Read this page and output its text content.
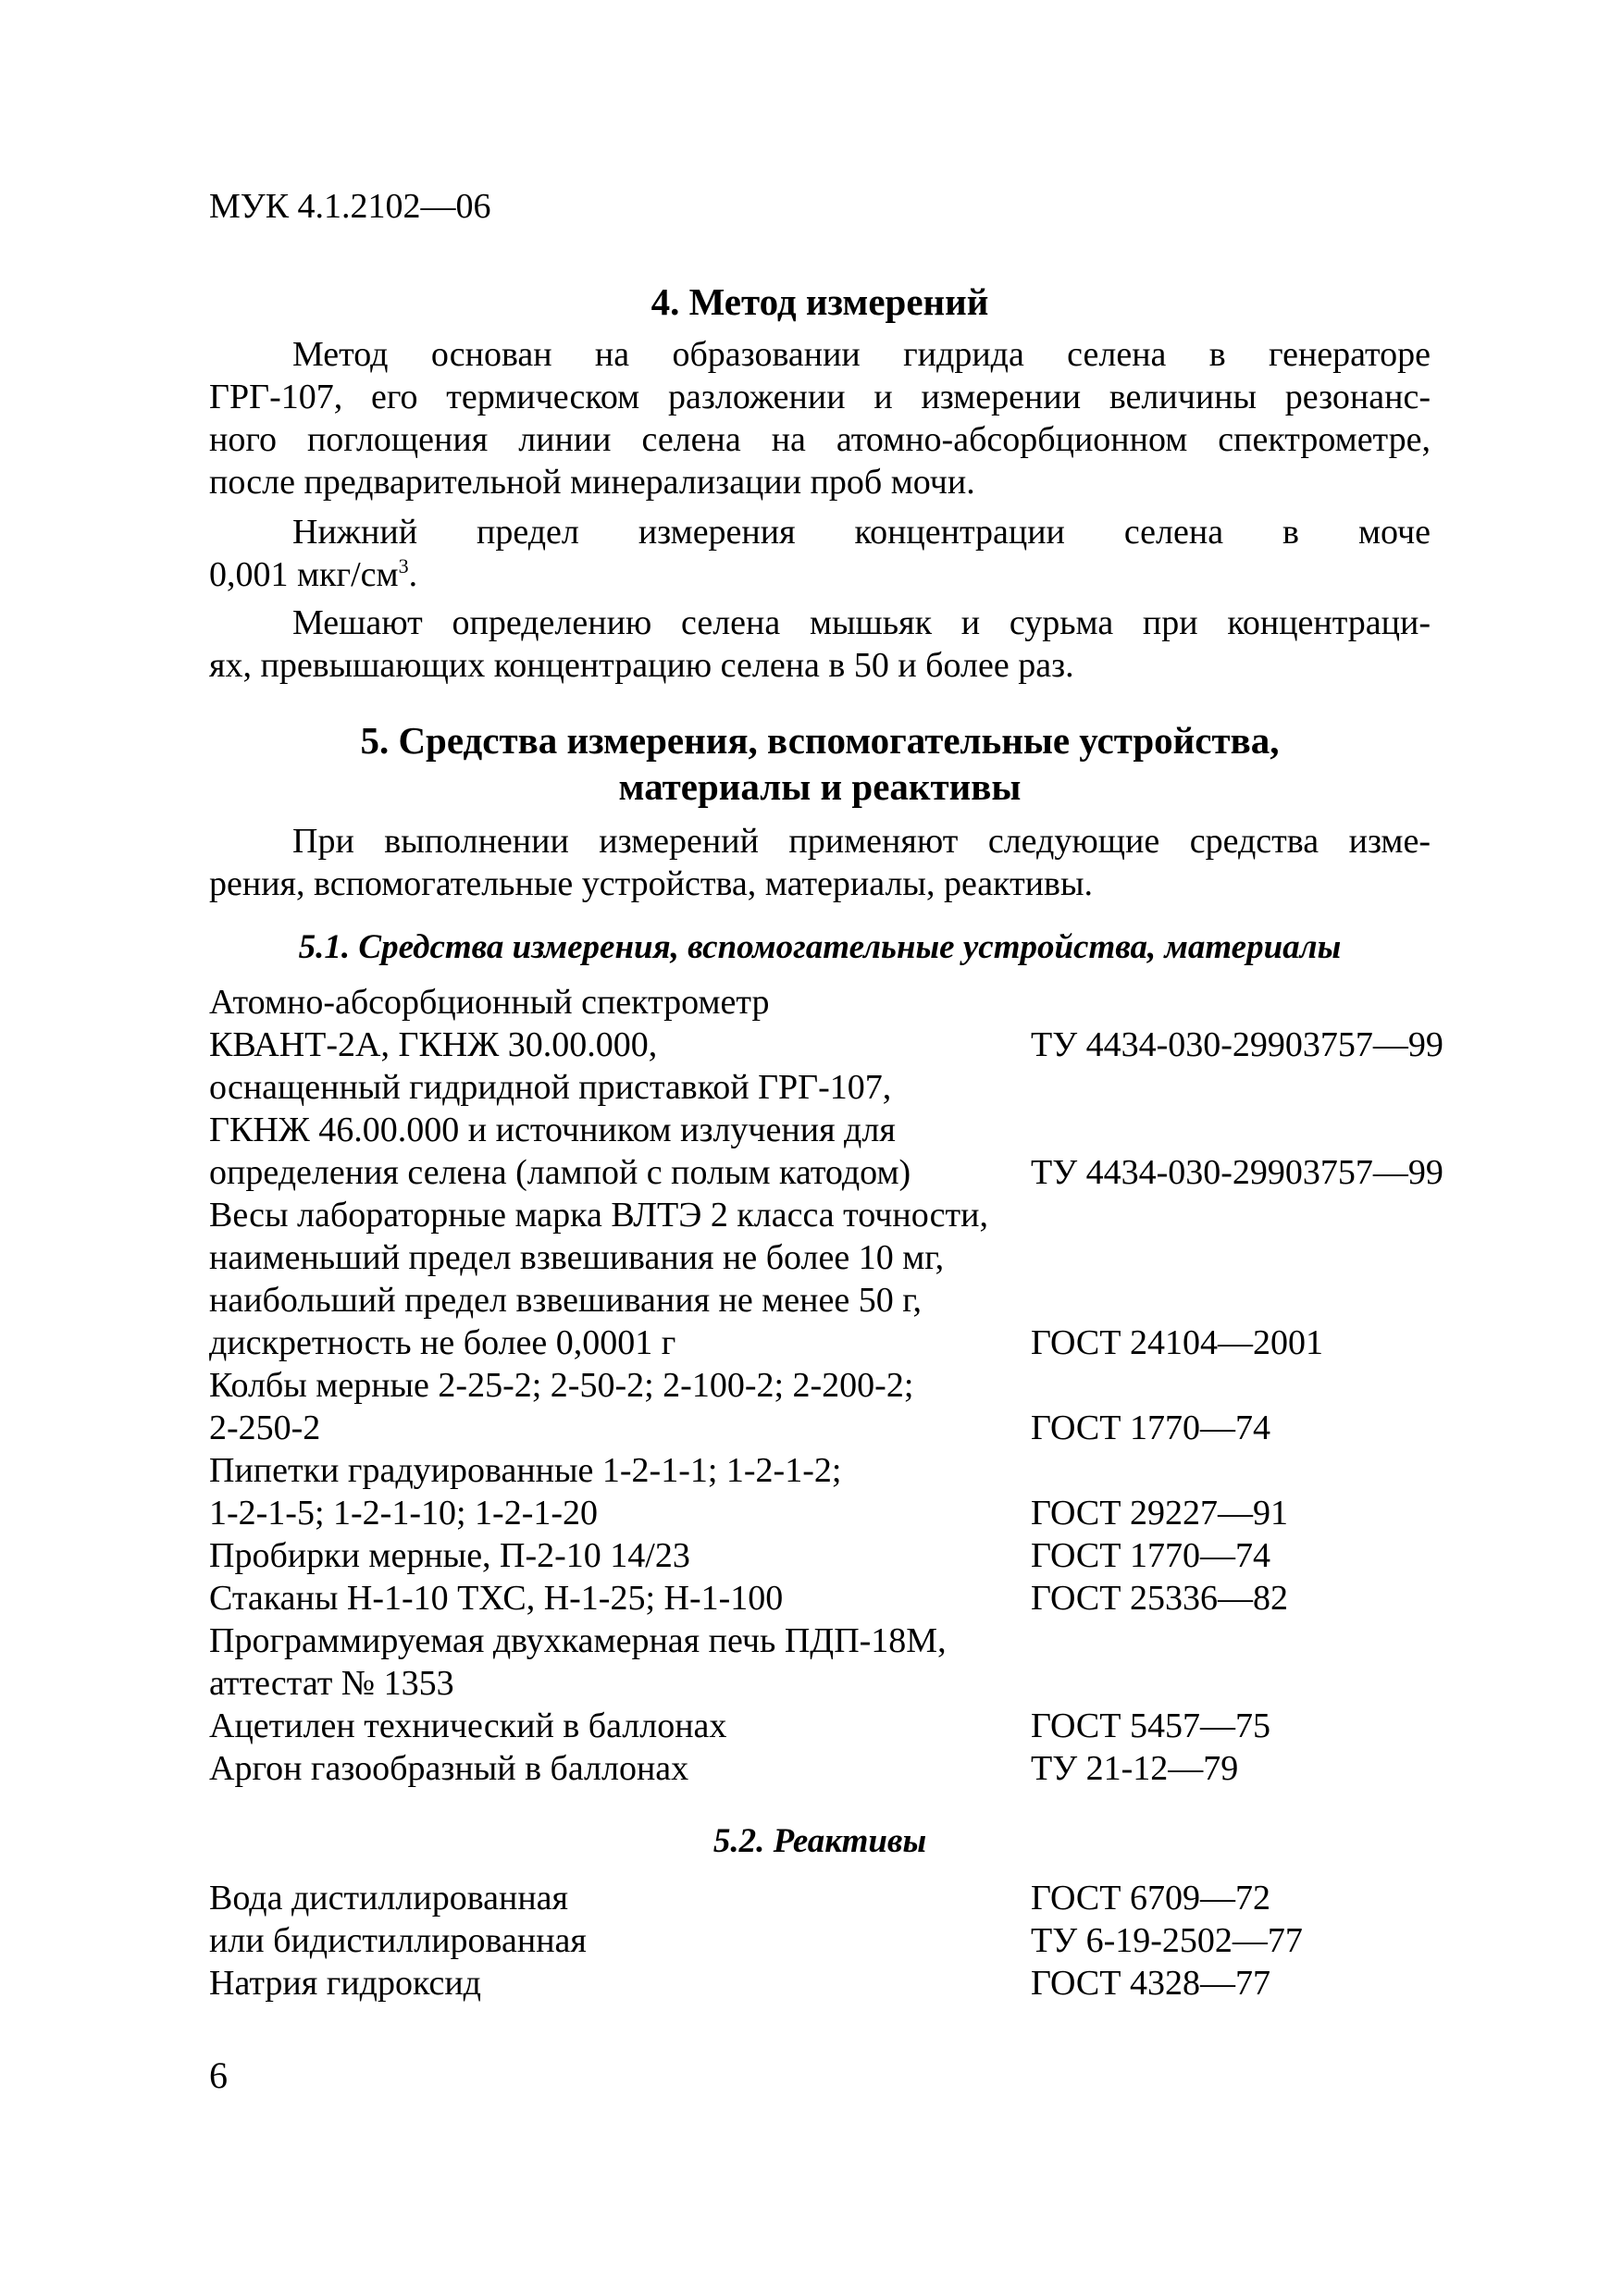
МУК 4.1.2102—06
4. Метод измерений
Метод основан на образовании гидрида селена в генераторе
ГРГ-107, его термическом разложении и измерении величины резонанс-
ного поглощения линии селена на атомно-абсорбционном спектрометре,
после предварительной минерализации проб мочи.
Нижний предел измерения концентрации селена в моче
0,001 мкг/$см^3$.
Мешают определению селена мышьяк и сурьма при концентраци-
ях, превышающих концентрацию селена в 50 и более раз.
5. Средства измерения, вспомогательные устройства,
материалы и реактивы
При выполнении измерений применяют следующие средства изме-
рения, вспомогательные устройства, материалы, реактивы.
5.1. Средства измерения, вспомогательные устройства, материалы
Атомно-абсорбционный спектрометр
КВАНТ-2А, ГКНЖ 30.00.000,	ТУ 4434-030-29903757—99
оснащенный гидридной приставкой ГРГ-107,
ГКНЖ 46.00.000 и источником излучения для
определения селена (лампой с полым катодом)	ТУ 4434-030-29903757—99
Весы лабораторные марка ВЛТЭ 2 класса точности,
наименьший предел взвешивания не более 10 мг,
наибольший предел взвешивания не менее 50 г,
дискретность не более 0,0001 г	ГОСТ 24104—2001
Колбы мерные 2-25-2; 2-50-2; 2-100-2; 2-200-2;
2-250-2	ГОСТ 1770—74
Пипетки градуированные 1-2-1-1; 1-2-1-2;
1-2-1-5; 1-2-1-10; 1-2-1-20	ГОСТ 29227—91
Пробирки мерные, П-2-10 14/23	ГОСТ 1770—74
Стаканы Н-1-10 ТХС, Н-1-25; Н-1-100	ГОСТ 25336—82
Программируемая двухкамерная печь ПДП-18М,
аттестат № 1353
Ацетилен технический в баллонах	ГОСТ 5457—75
Аргон газообразный в баллонах	ТУ 21-12—79
5.2. Реактивы
Вода дистиллированная	ГОСТ 6709—72
или бидистиллированная	ТУ 6-19-2502—77
Натрия гидроксид	ГОСТ 4328—77
6
